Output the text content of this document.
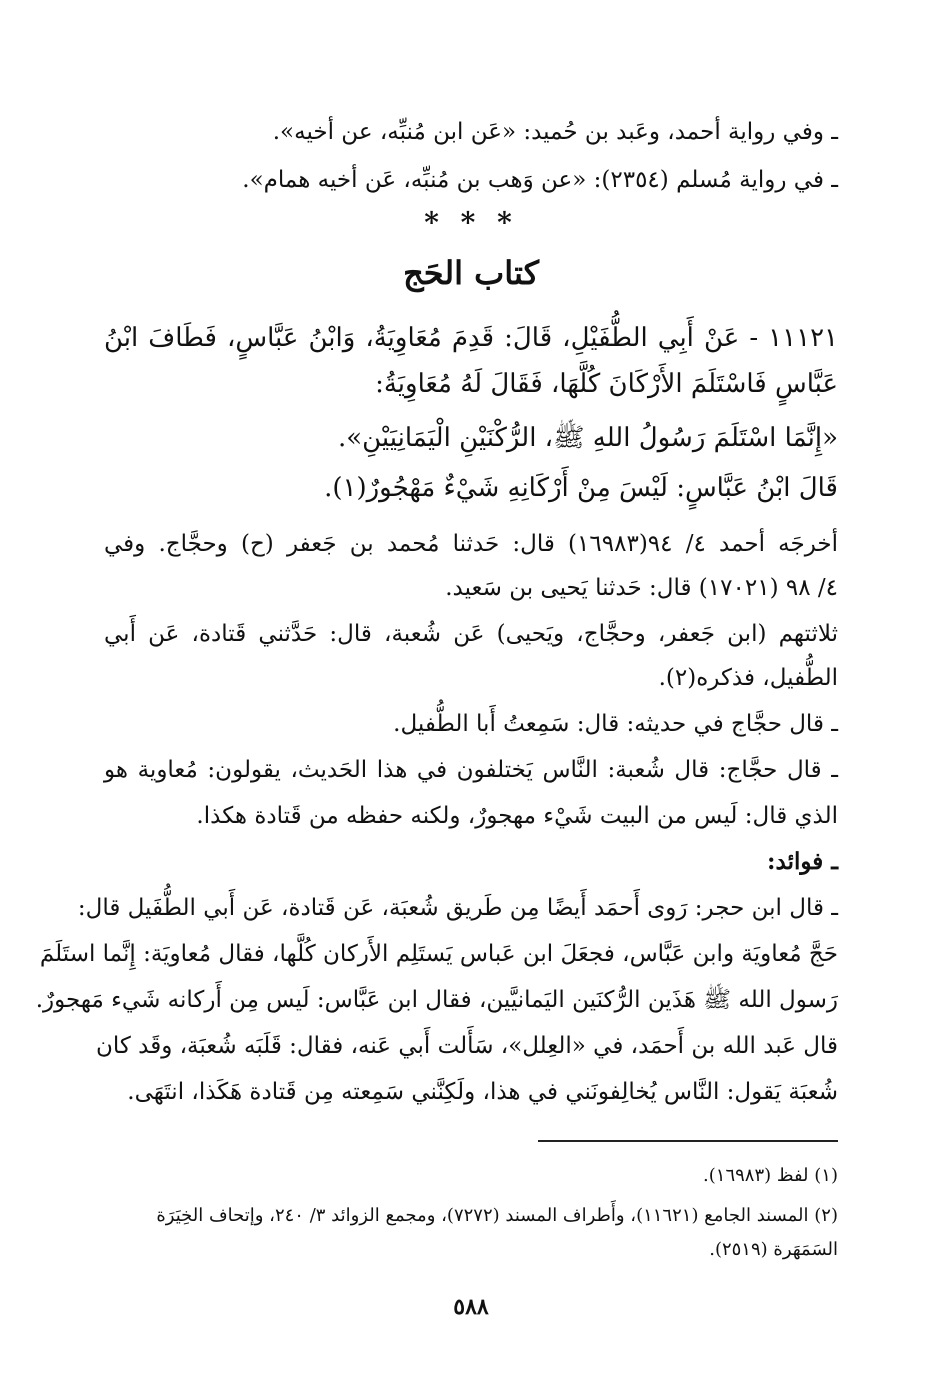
ـ وفي رواية أحمد، وعَبد بن حُميد: «عَن ابن مُنبِّه، عن أخيه».

ـ في رواية مُسلم (٢٣٥٤): «عن وَهب بن مُنبِّه، عَن أخيه همام».

* * *
كتاب الحَج

١١١٢١ - عَنْ أَبِي الطُّفَيْلِ، قَالَ: قَدِمَ مُعَاوِيَةُ، وَابْنُ عَبَّاسٍ، فَطَافَ ابْنُ

عَبَّاسٍ فَاسْتَلَمَ الأَرْكَانَ كُلَّهَا، فَقَالَ لَهُ مُعَاوِيَةُ:

«إِنَّمَا اسْتَلَمَ رَسُولُ اللهِ ﷺ، الرُّكْنَيْنِ الْيَمَانِيَيْنِ».

قَالَ ابْنُ عَبَّاسٍ: لَيْسَ مِنْ أَرْكَانِهِ شَيْءٌ مَهْجُورٌ(١).

أخرجَه أحمد ٤/ ٩٤(١٦٩٨٣) قال: حَدثنا مُحمد بن جَعفر (ح) وحجَّاج. وفي

٤/ ٩٨ (١٧٠٢١) قال: حَدثنا يَحيى بن سَعيد.

ثلاثتهم (ابن جَعفر، وحجَّاج، ويَحيى) عَن شُعبة، قال: حَدَّثني قَتادة، عَن أَبي

الطُّفيل، فذكره(٢).

ـ قال حجَّاج في حديثه: قال: سَمِعتُ أَبا الطُّفيل.

ـ قال حجَّاج: قال شُعبة: النَّاس يَختلفون في هذا الحَديث، يقولون: مُعاوية هو

الذي قال: لَيس من البيت شَيْء مهجورٌ، ولكنه حفظه من قَتادة هكذا.

ـ فوائد:

ـ قال ابن حجر: رَوى أَحمَد أَيضًا مِن طَريق شُعبَة، عَن قَتادة، عَن أَبي الطُّفَيل قال:

حَجَّ مُعاويَة وابن عَبَّاس، فجعَلَ ابن عَباس يَستَلِم الأَركان كُلَّها، فقال مُعاويَة: إِنَّما استَلَمَ

رَسول الله ﷺ هَذَين الرُّكنَين اليَمانيَّين، فقال ابن عَبَّاس: لَيس مِن أَركانه شَيء مَهجورٌ.

قال عَبد الله بن أَحمَد، في «العِلل»، سَأَلت أَبي عَنه، فقال: قَلَبَه شُعبَة، وقَد كان

شُعبَة يَقول: النَّاس يُخالِفونَني في هذا، ولَكِنَّني سَمِعته مِن قَتادة هَكَذا، انتَهَى.

(١) لفظ (١٦٩٨٣).

(٢) المسند الجامع (١١٦٢١)، وأَطراف المسند (٧٢٧٢)، ومجمع الزوائد ٣/ ٢٤٠، وإتحاف الخِيَرَة

السَمَهَرة (٢٥١٩).

٥٨٨
